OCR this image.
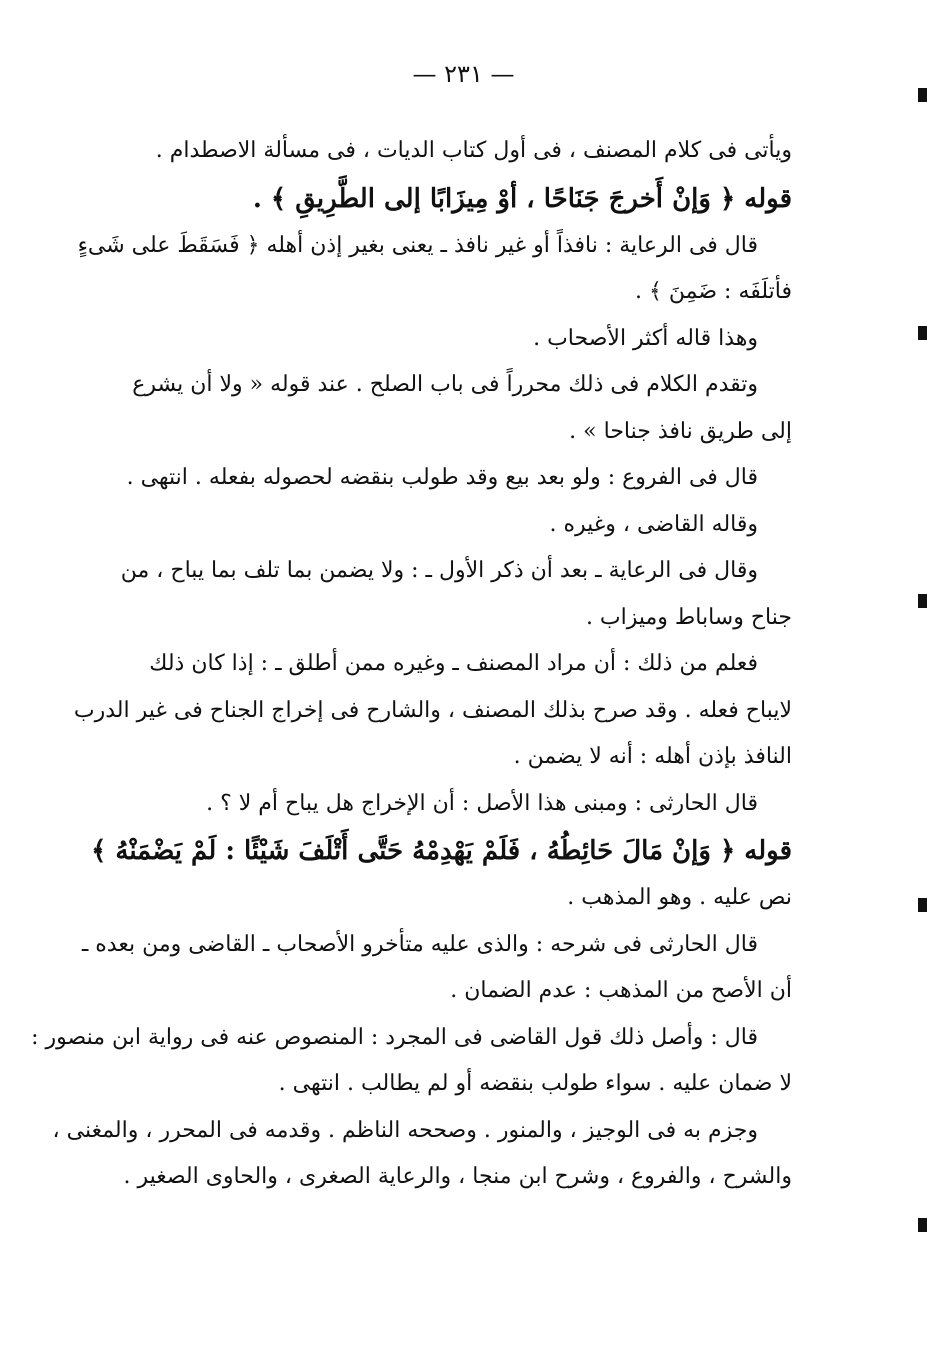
— ٢٣١ —
ويأتى فى كلام المصنف ، فى أول كتاب الديات ، فى مسألة الاصطدام .
قوله ﴿ وَإنْ أَخرجَ جَنَاحًا ، أوْ مِيزَابًا إلى الطَّرِيقِ ﴾ .
قال فى الرعاية : نافذاً أو غير نافذ ـ يعنى بغير إذن أهله ﴿ فَسَقَطَ على شَىءٍ
فأتلَفَه : ضَمِنَ ﴾ .
وهذا قاله أكثر الأصحاب .
وتقدم الكلام فى ذلك محرراً فى باب الصلح . عند قوله « ولا أن يشرع
إلى طريق نافذ جناحا » .
قال فى الفروع : ولو بعد بيع وقد طولب بنقضه لحصوله بفعله . انتهى .
وقاله القاضى ، وغيره .
وقال فى الرعاية ـ بعد أن ذكر الأول ـ : ولا يضمن بما تلف بما يباح ، من
جناح وساباط وميزاب .
فعلم من ذلك : أن مراد المصنف ـ وغيره ممن أطلق ـ : إذا كان ذلك
لايباح فعله . وقد صرح بذلك المصنف ، والشارح فى إخراج الجناح فى غير الدرب
النافذ بإذن أهله : أنه لا يضمن .
قال الحارثى : ومبنى هذا الأصل : أن الإخراج هل يباح أم لا ؟ .
قوله ﴿ وَإنْ مَالَ حَائِطُهُ ، فَلَمْ يَهْدِمْهُ حَتَّى أَتْلَفَ شَيْئًا : لَمْ يَضْمَنْهُ ﴾
نص عليه . وهو المذهب .
قال الحارثى فى شرحه : والذى عليه متأخرو الأصحاب ـ القاضى ومن بعده ـ
أن الأصح من المذهب : عدم الضمان .
قال : وأصل ذلك قول القاضى فى المجرد : المنصوص عنه فى رواية ابن منصور :
لا ضمان عليه . سواء طولب بنقضه أو لم يطالب . انتهى .
وجزم به فى الوجيز ، والمنور . وصححه الناظم . وقدمه فى المحرر ، والمغنى ،
والشرح ، والفروع ، وشرح ابن منجا ، والرعاية الصغرى ، والحاوى الصغير .
